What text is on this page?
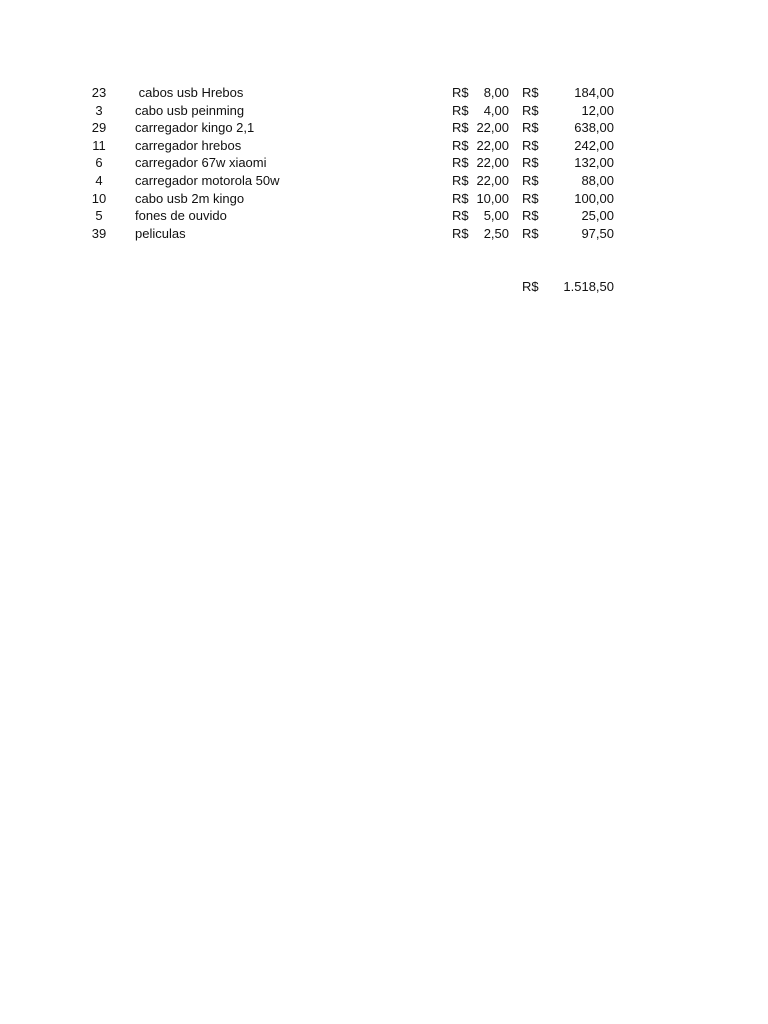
23	cabos usb Hrebos	R$	8,00 R$	184,00
3	cabo usb peinming	R$	4,00 R$	12,00
29	carregador kingo 2,1	R$ 22,00 R$	638,00
11	carregador hrebos	R$ 22,00 R$	242,00
6	carregador 67w xiaomi	R$ 22,00 R$	132,00
4	carregador motorola 50w	R$ 22,00 R$	88,00
10	cabo usb 2m kingo	R$ 10,00 R$	100,00
5	fones de ouvido	R$	5,00 R$	25,00
39	peliculas	R$	2,50 R$	97,50
R$	1.518,50
